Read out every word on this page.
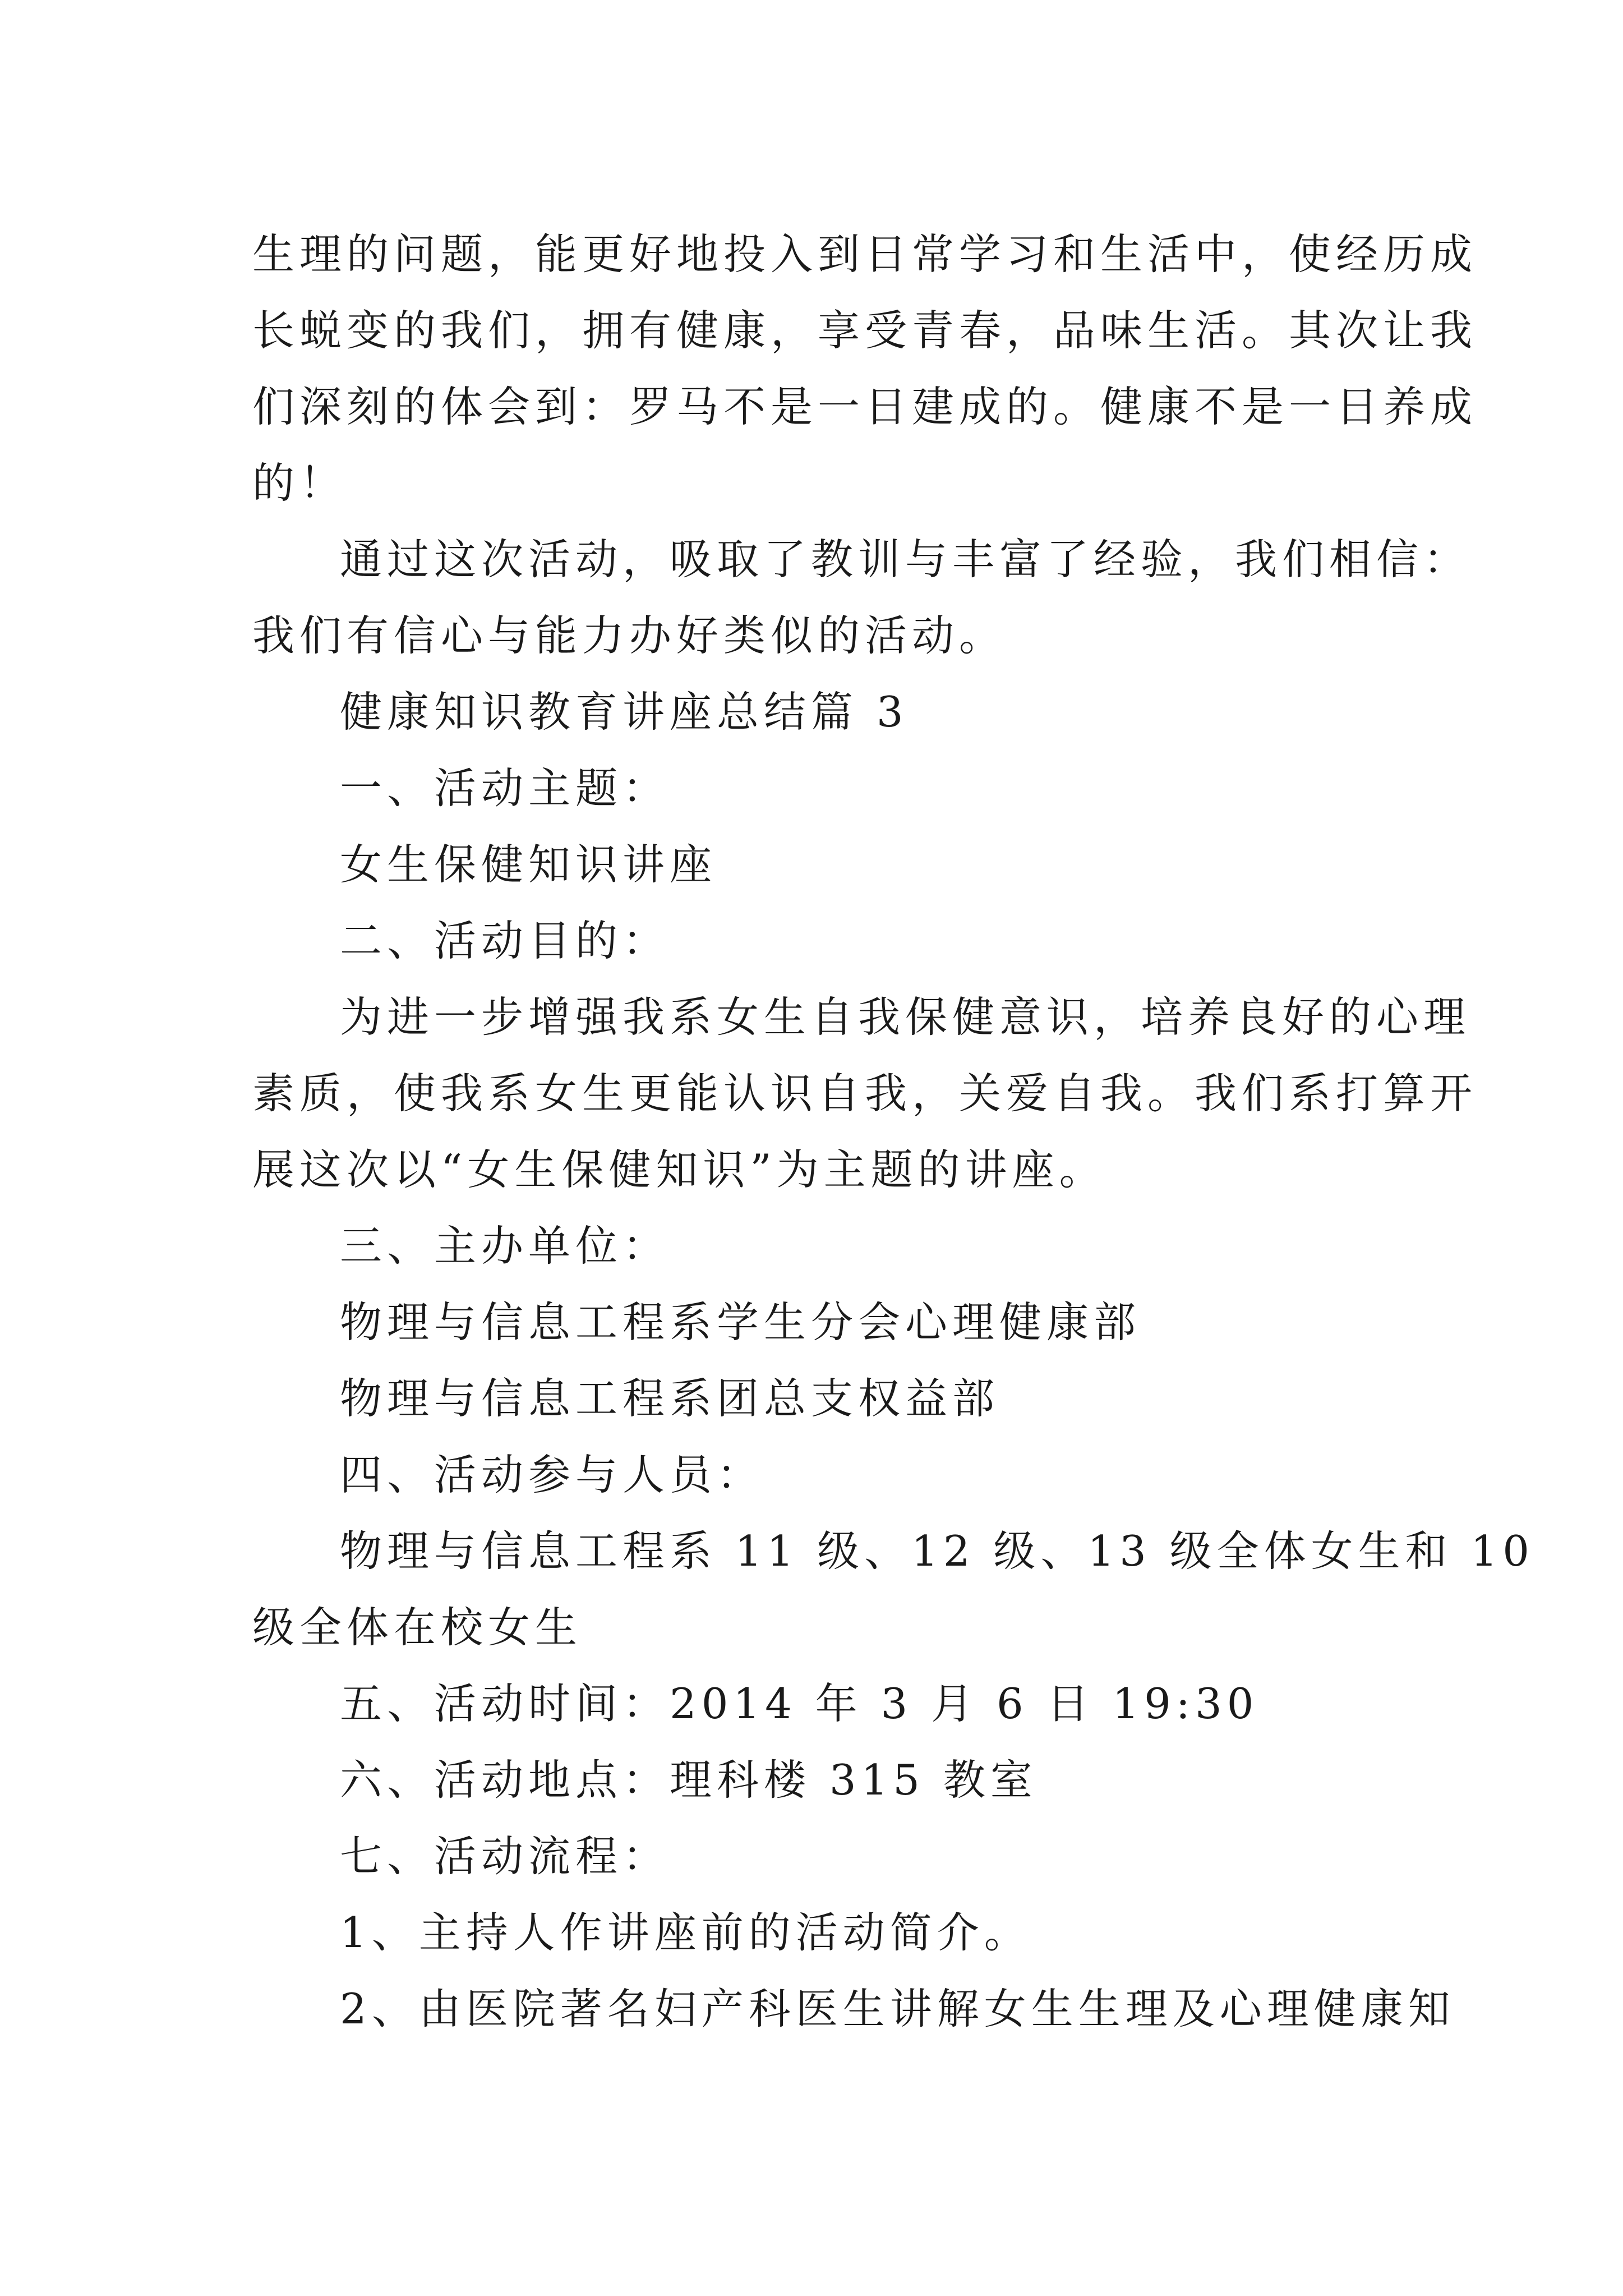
生理的问题，能更好地投入到日常学习和生活中，使经历成
长蜕变的我们，拥有健康，享受青春，品味生活。其次让我
们深刻的体会到：罗马不是一日建成的。健康不是一日养成
的！

通过这次活动，吸取了教训与丰富了经验，我们相信：
我们有信心与能力办好类似的活动。

健康知识教育讲座总结篇 3

一、活动主题：

女生保健知识讲座

二、活动目的：

为进一步增强我系女生自我保健意识，培养良好的心理
素质，使我系女生更能认识自我，关爱自我。我们系打算开
展这次以“女生保健知识”为主题的讲座。

三、主办单位：

物理与信息工程系学生分会心理健康部

物理与信息工程系团总支权益部

四、活动参与人员：

物理与信息工程系 11 级、12 级、13 级全体女生和 10
级全体在校女生

五、活动时间：2014 年 3 月 6 日 19:30

六、活动地点：理科楼 315 教室

七、活动流程：

1、主持人作讲座前的活动简介。

2、由医院著名妇产科医生讲解女生生理及心理健康知
